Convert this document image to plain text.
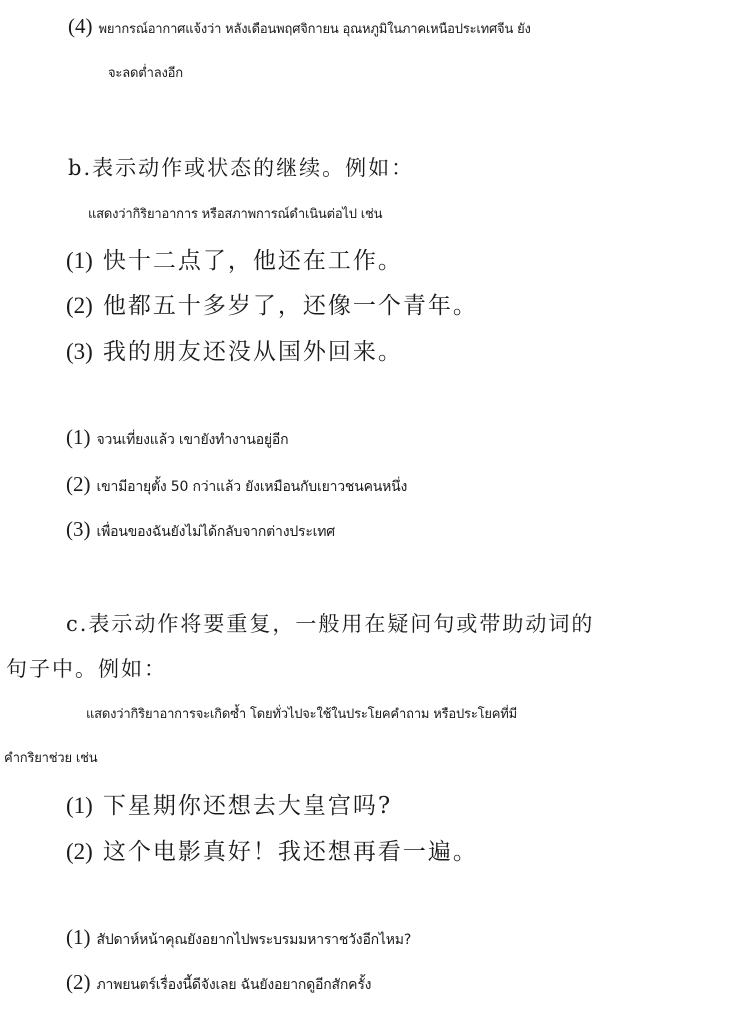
(4) พยากรณ์อากาศแจ้งว่า หลังเดือนพฤศจิกายน อุณหภูมิในภาคเหนือประเทศจีน ยัง
จะลดต่ำลงอีก
b.表示动作或状态的继续。例如：
แสดงว่ากิริยาอาการ หรือสภาพการณ์ดำเนินต่อไป เช่น
(1) 快十二点了，他还在工作。
(2) 他都五十多岁了，还像一个青年。
(3) 我的朋友还没从国外回来。
(1) จวนเที่ยงแล้ว เขายังทำงานอยู่อีก
(2) เขามีอายุตั้ง 50 กว่าแล้ว ยังเหมือนกับเยาวชนคนหนึ่ง
(3) เพื่อนของฉันยังไม่ได้กลับจากต่างประเทศ
c.表示动作将要重复，一般用在疑问句或带助动词的
句子中。例如：
แสดงว่ากิริยาอาการจะเกิดซ้ำ โดยทั่วไปจะใช้ในประโยคคำถาม หรือประโยคที่มี
คำกริยาช่วย เช่น
(1) 下星期你还想去大皇宫吗?
(2) 这个电影真好！我还想再看一遍。
(1) สัปดาห์หน้าคุณยังอยากไปพระบรมมหาราชวังอีกไหม?
(2) ภาพยนตร์เรื่องนี้ดีจังเลย ฉันยังอยากดูอีกสักครั้ง
